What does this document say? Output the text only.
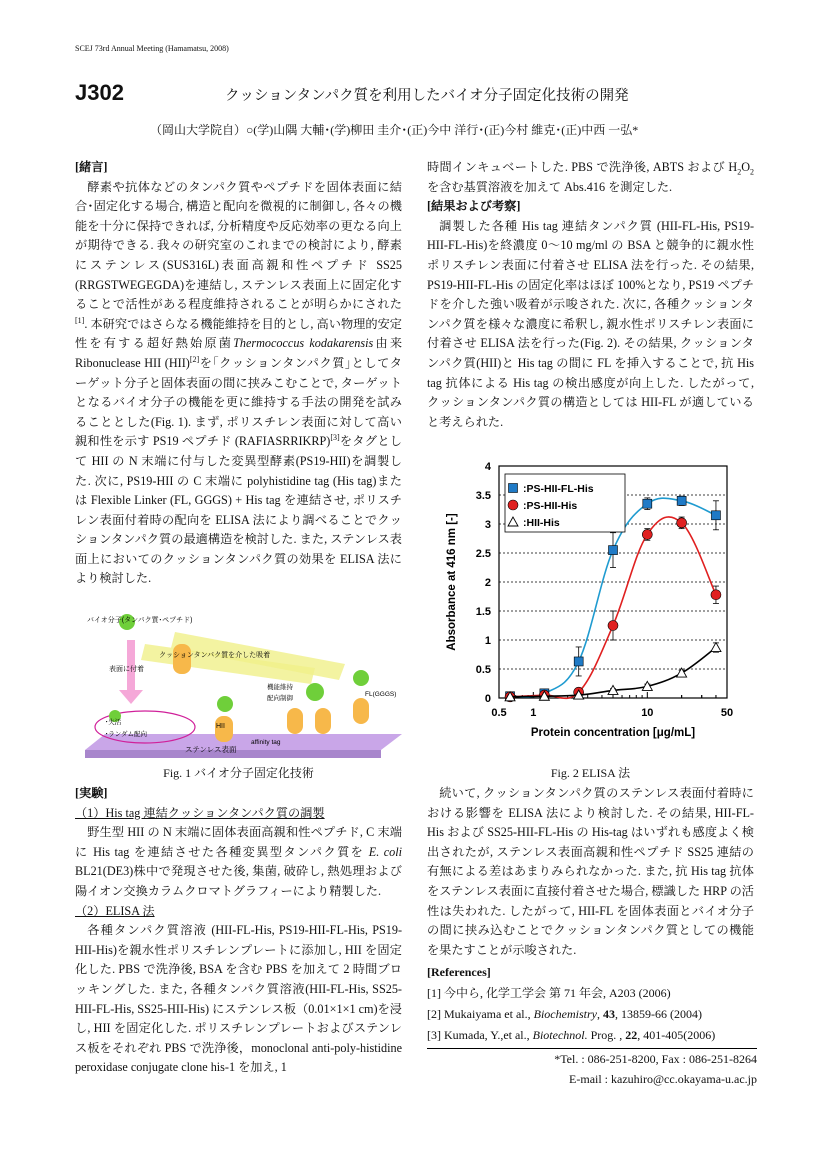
SCEJ 73rd Annual Meeting (Hamamatsu, 2008)
J302	クッションタンパク質を利用したバイオ分子固定化技術の開発
（岡山大学院自）○(学)山隅 大輔･(学)柳田 圭介･(正)今中 洋行･(正)今村 維克･(正)中西 一弘*

[緒言]

酵素や抗体などのタンパク質やペプチドを固体表面に結合･固定化する場合, 構造と配向を微視的に制御し, 各々の機能を十分に保持できれば, 分析精度や反応効率の更なる向上が期待できる. 我々の研究室のこれまでの検討により, 酵素にステンレス(SUS316L)表面高親和性ペプチド SS25 (RRGSTWEGEGDA)を連結し, ステンレス表面上に固定化することで活性がある程度維持されることが明らかにされた[1]. 本研究ではさらなる機能維持を目的とし, 高い物理的安定性を有する超好熱始原菌Thermococcus kodakarensis由来 Ribonuclease HII (HII)[2]を｢クッションタンパク質｣としてターゲット分子と固体表面の間に挟みこむことで, ターゲットとなるバイオ分子の機能を更に維持する手法の開発を試みることとした(Fig. 1). まず, ポリスチレン表面に対して高い親和性を示す PS19 ペプチド (RAFIASRRIKRP)[3]をタグとして HII の N 末端に付与した変異型酵素(PS19-HII)を調製した. 次に, PS19-HII の C 末端に polyhistidine tag (His tag)または Flexible Linker (FL, GGGS) + His tag を連結させ, ポリスチレン表面付着時の配向を ELISA 法により調べることでクッションタンパク質の最適構造を検討した. また, ステンレス表面上においてのクッションタンパク質の効果を ELISA 法により検討した.

バイオ分子(タンパク質･ペプチド)
クッションタンパク質を介した吸着
表面に付着
機能維持
配向制御
FL(GGGS)
･失活
･ランダム配向
HII
affinity tag
ステンレス表面
Fig. 1 バイオ分子固定化技術

[実験]

（1）His tag 連結クッションタンパク質の調製

野生型 HII の N 末端に固体表面高親和性ペプチド, C 末端に His tag を連結させた各種変異型タンパク質を E. coli BL21(DE3)株中で発現させた後, 集菌, 破砕し, 熱処理および陽イオン交換カラムクロマトグラフィーにより精製した.

（2）ELISA 法

各種タンパク質溶液 (HII-FL-His, PS19-HII-FL-His, PS19-HII-His)を親水性ポリスチレンプレートに添加し, HII を固定化した. PBS で洗浄後, BSA を含む PBS を加えて 2 時間ブロッキングした. また, 各種タンパク質溶液(HII-FL-His, SS25-HII-FL-His, SS25-HII-His) にステンレス板（0.01×1×1 cm)を浸し, HII を固定化した. ポリスチレンプレートおよびステンレス板をそれぞれ PBS で洗浄後，monoclonal anti-poly-histidine peroxidase conjugate clone his-1 を加え, 1

時間インキュベートした. PBS で洗浄後, ABTS および $H_2O_2$を含む基質溶液を加えて Abs.416 を測定した.

[結果および考察]

調製した各種 His tag 連結タンパク質 (HII-FL-His, PS19-HII-FL-His)を終濃度 0～10 mg/ml の BSA と競争的に親水性ポリスチレン表面に付着させ ELISA 法を行った. その結果, PS19-HII-FL-His の固定化率はほぼ 100%となり, PS19 ペプチドを介した強い吸着が示唆された. 次に, 各種クッションタンパク質を様々な濃度に希釈し, 親水性ポリスチレン表面に付着させ ELISA 法を行った(Fig. 2). その結果, クッションタンパク質(HII)と His tag の間に FL を挿入することで, 抗 His tag 抗体による His tag の検出感度が向上した. したがって, クッションタンパク質の構造としては HII-FL が適していると考えられた.

0
0.5
1
1.5
2
2.5
3
3.5
4
0.5 1	10	50
Protein concentration [μg/mL]
Absorbance at 416 nm [-]
:PS-HII-FL-His
:PS-HII-His
:HII-His
Fig. 2 ELISA 法

続いて, クッションタンパク質のステンレス表面付着時における影響を ELISA 法により検討した. その結果, HII-FL-His および SS25-HII-FL-His の His-tag はいずれも感度よく検出されたが, ステンレス表面高親和性ペプチド SS25 連結の有無による差はあまりみられなかった. また, 抗 His tag 抗体をステンレス表面に直接付着させた場合, 標識した HRP の活性は失われた. したがって, HII-FL を固体表面とバイオ分子の間に挟み込むことでクッションタンパク質としての機能を果たすことが示唆された.

[References]
[1] 今中ら, 化学工学会 第 71 年会, A203 (2006)
[2] Mukaiyama et al., Biochemistry, 43, 13859-66 (2004)
[3] Kumada, Y.,et al., Biotechnol. Prog. , 22, 401-405(2006)
*Tel. : 086-251-8200, Fax : 086-251-8264
E-mail : kazuhiro@cc.okayama-u.ac.jp
